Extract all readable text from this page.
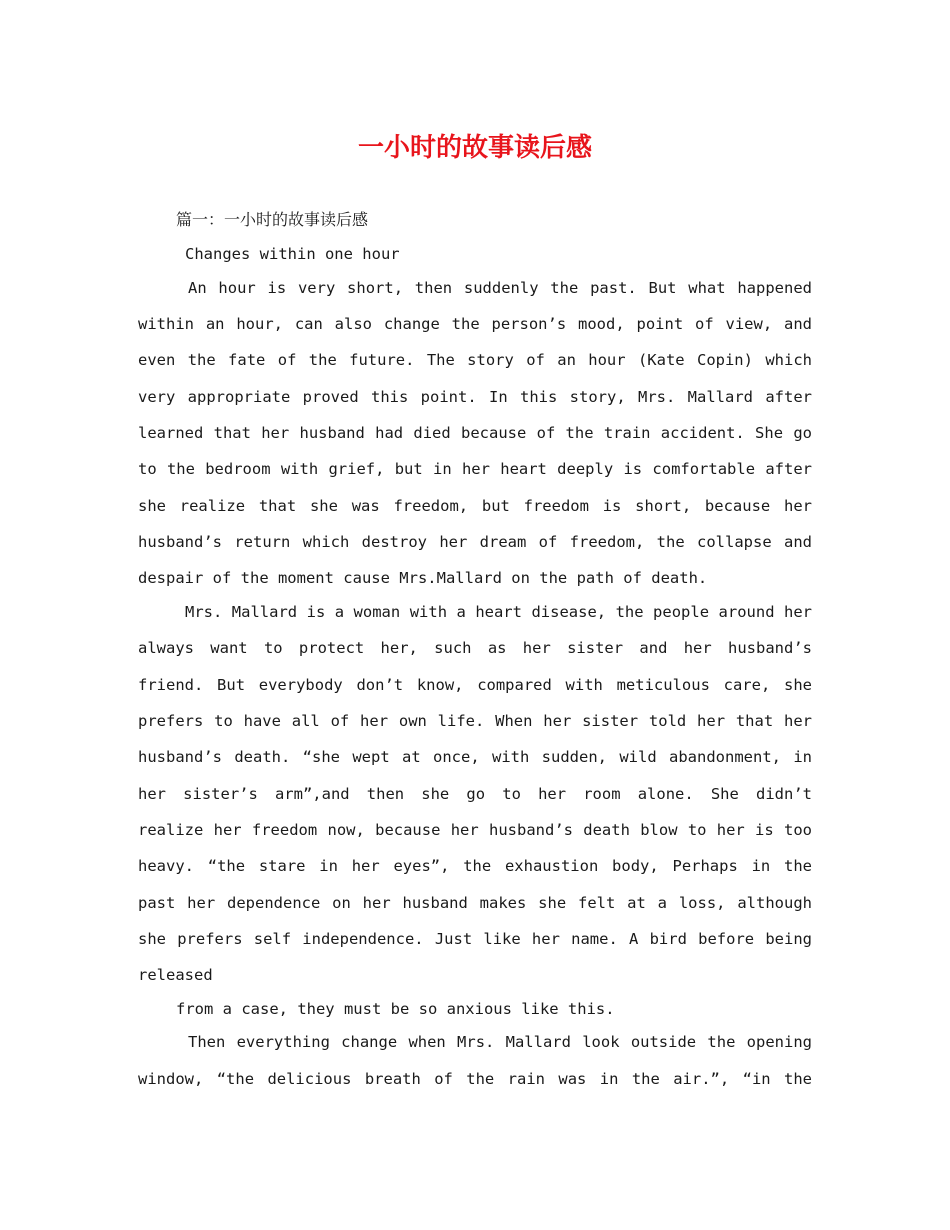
一小时的故事读后感

篇一：一小时的故事读后感

Changes within one hour

An hour is very short, then suddenly the past. But what happened

within an hour, can also change the person’s mood, point of view, and

even the fate of the future. The story of an hour (Kate Copin) which

very appropriate proved this point. In this story, Mrs. Mallard after

learned that her husband had died because of the train accident. She go

to the bedroom with grief, but in her heart deeply is comfortable after

she realize that she was freedom, but freedom is short, because her

husband’s return which destroy her dream of freedom, the collapse and

despair of the moment cause Mrs.Mallard on the path of death.

Mrs. Mallard is a woman with a heart disease, the people around her

always want to protect her, such as her sister and her husband’s

friend. But everybody don’t know, compared with meticulous care, she

prefers to have all of her own life. When her sister told her that her

husband’s death. “she wept at once, with sudden, wild abandonment, in

her sister’s arm”,and then she go to her room alone. She didn’t

realize her freedom now, because her husband’s death blow to her is too

heavy. “the stare in her eyes”, the exhaustion body, Perhaps in the

past her dependence on her husband makes she felt at a loss, although

she prefers self independence. Just like her name. A bird before being

released

from a case, they must be so anxious like this.

Then everything change when Mrs. Mallard look outside the opening

window, “the delicious breath of the rain was in the air.”, “in the
